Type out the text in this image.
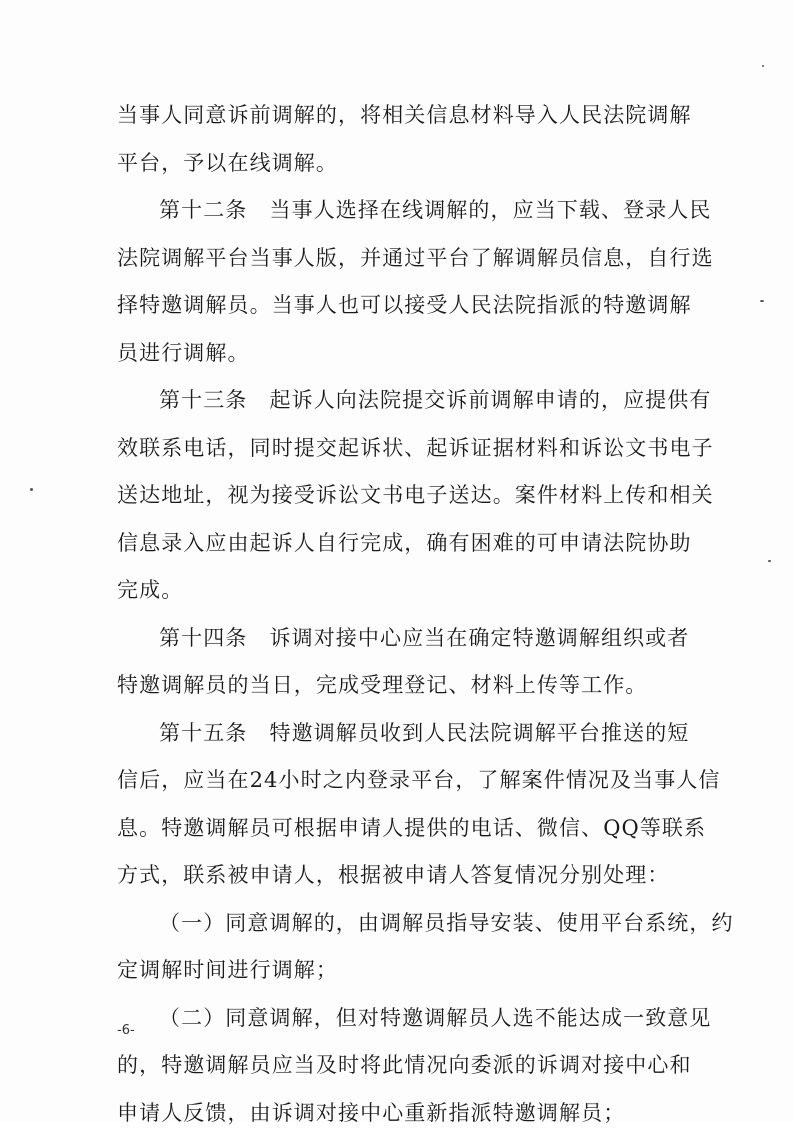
当事人同意诉前调解的，将相关信息材料导入人民法院调解
平台，予以在线调解。
第十二条　当事人选择在线调解的，应当下载、登录人民
法院调解平台当事人版，并通过平台了解调解员信息，自行选
择特邀调解员。当事人也可以接受人民法院指派的特邀调解
员进行调解。
第十三条　起诉人向法院提交诉前调解申请的，应提供有
效联系电话，同时提交起诉状、起诉证据材料和诉讼文书电子
送达地址，视为接受诉讼文书电子送达。案件材料上传和相关
信息录入应由起诉人自行完成，确有困难的可申请法院协助
完成。
第十四条　诉调对接中心应当在确定特邀调解组织或者
特邀调解员的当日，完成受理登记、材料上传等工作。
第十五条　特邀调解员收到人民法院调解平台推送的短
信后，应当在24小时之内登录平台，了解案件情况及当事人信
息。特邀调解员可根据申请人提供的电话、微信、QQ等联系
方式，联系被申请人，根据被申请人答复情况分别处理：
（一）同意调解的，由调解员指导安装、使用平台系统，约
定调解时间进行调解；
（二）同意调解，但对特邀调解员人选不能达成一致意见
的，特邀调解员应当及时将此情况向委派的诉调对接中心和
申请人反馈，由诉调对接中心重新指派特邀调解员；
-6-
